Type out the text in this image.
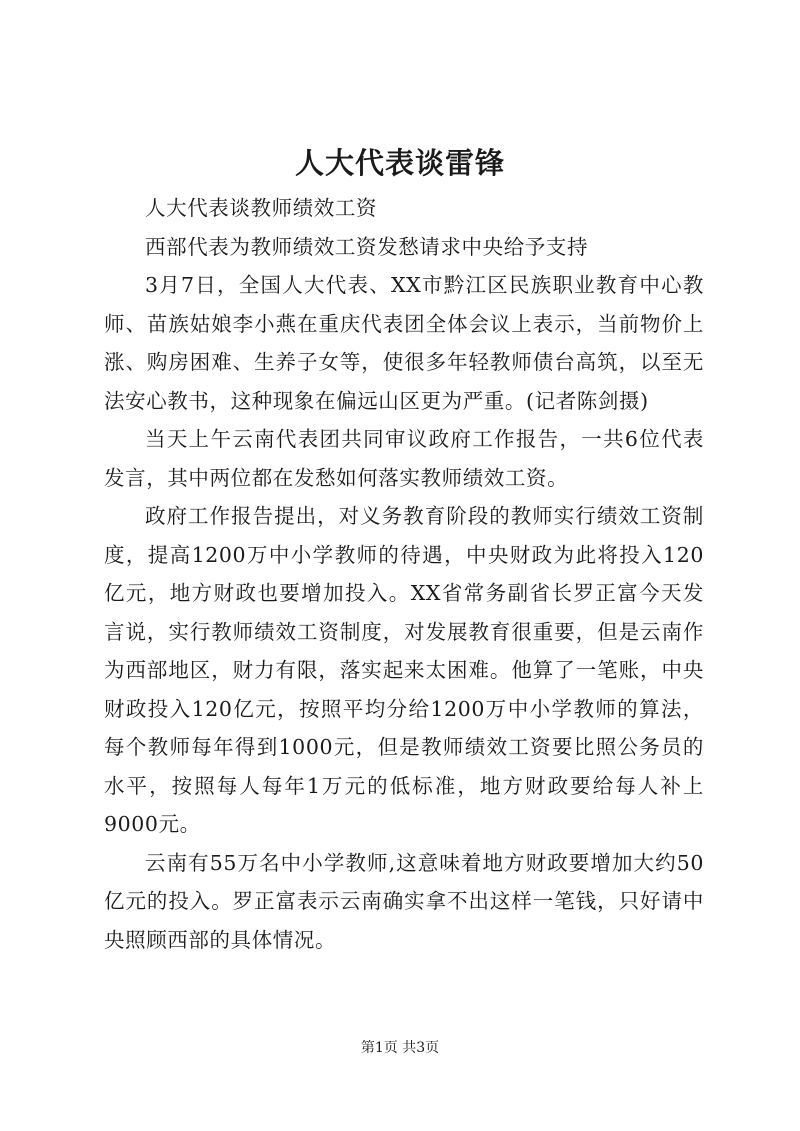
人大代表谈雷锋

人大代表谈教师绩效工资

西部代表为教师绩效工资发愁请求中央给予支持

3月7日，全国人大代表、XX市黔江区民族职业教育中心教师、苗族姑娘李小燕在重庆代表团全体会议上表示，当前物价上涨、购房困难、生养子女等，使很多年轻教师债台高筑，以至无法安心教书，这种现象在偏远山区更为严重。(记者陈剑摄)

当天上午云南代表团共同审议政府工作报告，一共6位代表发言，其中两位都在发愁如何落实教师绩效工资。

政府工作报告提出，对义务教育阶段的教师实行绩效工资制度，提高1200万中小学教师的待遇，中央财政为此将投入120亿元，地方财政也要增加投入。XX省常务副省长罗正富今天发言说，实行教师绩效工资制度，对发展教育很重要，但是云南作为西部地区，财力有限，落实起来太困难。他算了一笔账，中央财政投入120亿元，按照平均分给1200万中小学教师的算法，每个教师每年得到1000元，但是教师绩效工资要比照公务员的水平，按照每人每年1万元的低标准，地方财政要给每人补上9000元。

云南有55万名中小学教师,这意味着地方财政要增加大约50亿元的投入。罗正富表示云南确实拿不出这样一笔钱，只好请中央照顾西部的具体情况。

第1页 共3页
